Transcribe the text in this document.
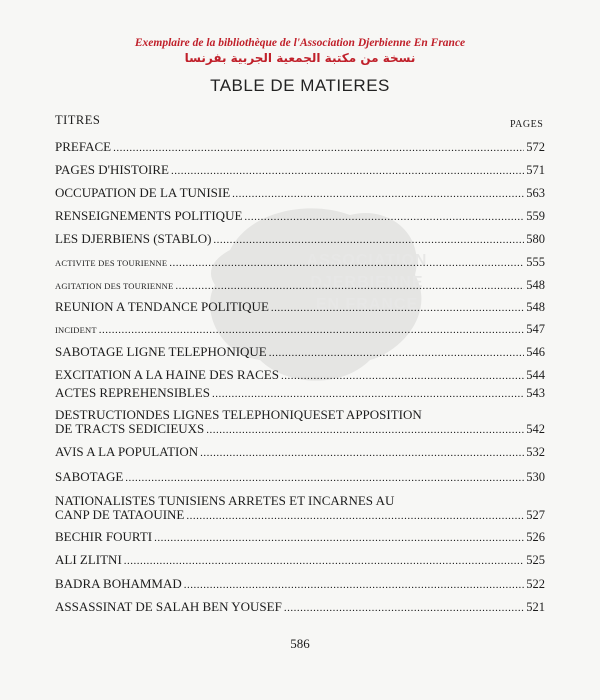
ASSOCIATION
DJERBIENNE
EN FRANCE
Exemplaire de la bibliothèque de l'Association Djerbienne En France
نسخة من مكتبة الجمعية الجربية بفرنسا
TABLE DE MATIERES
TITRES	PAGES
PREFACE .....	572
PAGES D'HISTOIRE .....	571
OCCUPATION DE LA TUNISIE .....	563
RENSEIGNEMENTS POLITIQUE .....	559
LES DJERBIENS (STABLO) .....	580
ACTIVITE DES TOURIENNE .....	555
AGITATION DES TOURIENNE .....	548
REUNION A TENDANCE POLITIQUE .....	548
INCIDENT .....	547
SABOTAGE LIGNE TELEPHONIQUE .....	546
EXCITATION A LA HAINE DES RACES .....	544
ACTES REPREHENSIBLES .....	543
DESTRUCTIONDES LIGNES TELEPHONIQUESET APPOSITION
DE TRACTS SEDICIEUXS .....	542
AVIS A LA POPULATION .....	532
SABOTAGE .....	530
NATIONALISTES TUNISIENS ARRETES ET INCARNES AU
CANP DE TATAOUINE .....	527
BECHIR FOURTI .....	526
ALI ZLITNI .....	525
BADRA BOHAMMAD .....	522
ASSASSINAT DE SALAH BEN YOUSEF .....	521
586
